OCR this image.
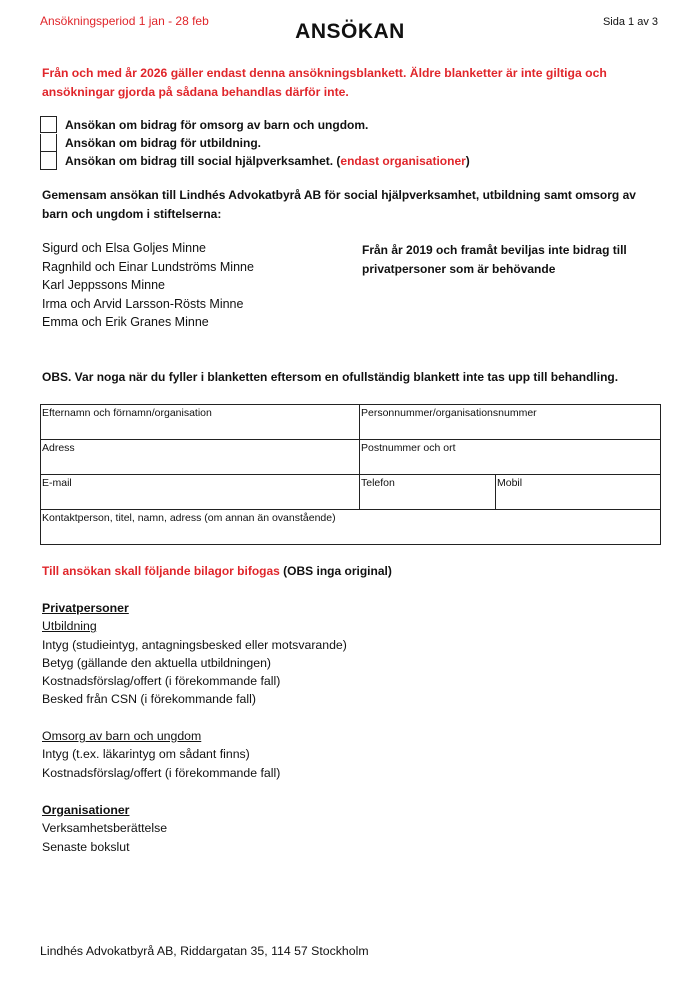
Ansökningsperiod 1 jan - 28 feb	ANSÖKAN	Sida 1 av 3
Från och med år 2026 gäller endast denna ansökningsblankett. Äldre blanketter är inte giltiga och ansökningar gjorda på sådana behandlas därför inte.
Ansökan om bidrag för omsorg av barn och ungdom.
Ansökan om bidrag för utbildning.
Ansökan om bidrag till social hjälpverksamhet. (endast organisationer)
Gemensam ansökan till Lindhés Advokatbyrå AB för social hjälpverksamhet, utbildning samt omsorg av barn och ungdom i stiftelserna:
Sigurd och Elsa Goljes Minne
Ragnhild och Einar Lundströms Minne
Karl Jeppssons Minne
Irma och Arvid Larsson-Rösts Minne
Emma och Erik Granes Minne
Från år 2019 och framåt beviljas inte bidrag till privatpersoner som är behövande
OBS. Var noga när du fyller i blanketten eftersom en ofullständig blankett inte tas upp till behandling.
Efternamn och förnamn/organisation	Personnummer/organisationsnummer	
Adress	Postnummer och ort	
E-mail	Telefon	Mobil
Kontaktperson, titel, namn, adress (om annan än ovanstående)		
Till ansökan skall följande bilagor bifogas (OBS inga original)
Privatpersoner
Utbildning
Intyg (studieintyg, antagningsbesked eller motsvarande)
Betyg (gällande den aktuella utbildningen)
Kostnadsförslag/offert (i förekommande fall)
Besked från CSN (i förekommande fall)
Omsorg av barn och ungdom
Intyg (t.ex. läkarintyg om sådant finns)
Kostnadsförslag/offert (i förekommande fall)
Organisationer
Verksamhetsberättelse
Senaste bokslut
Lindhés Advokatbyrå AB, Riddargatan 35, 114 57 Stockholm
